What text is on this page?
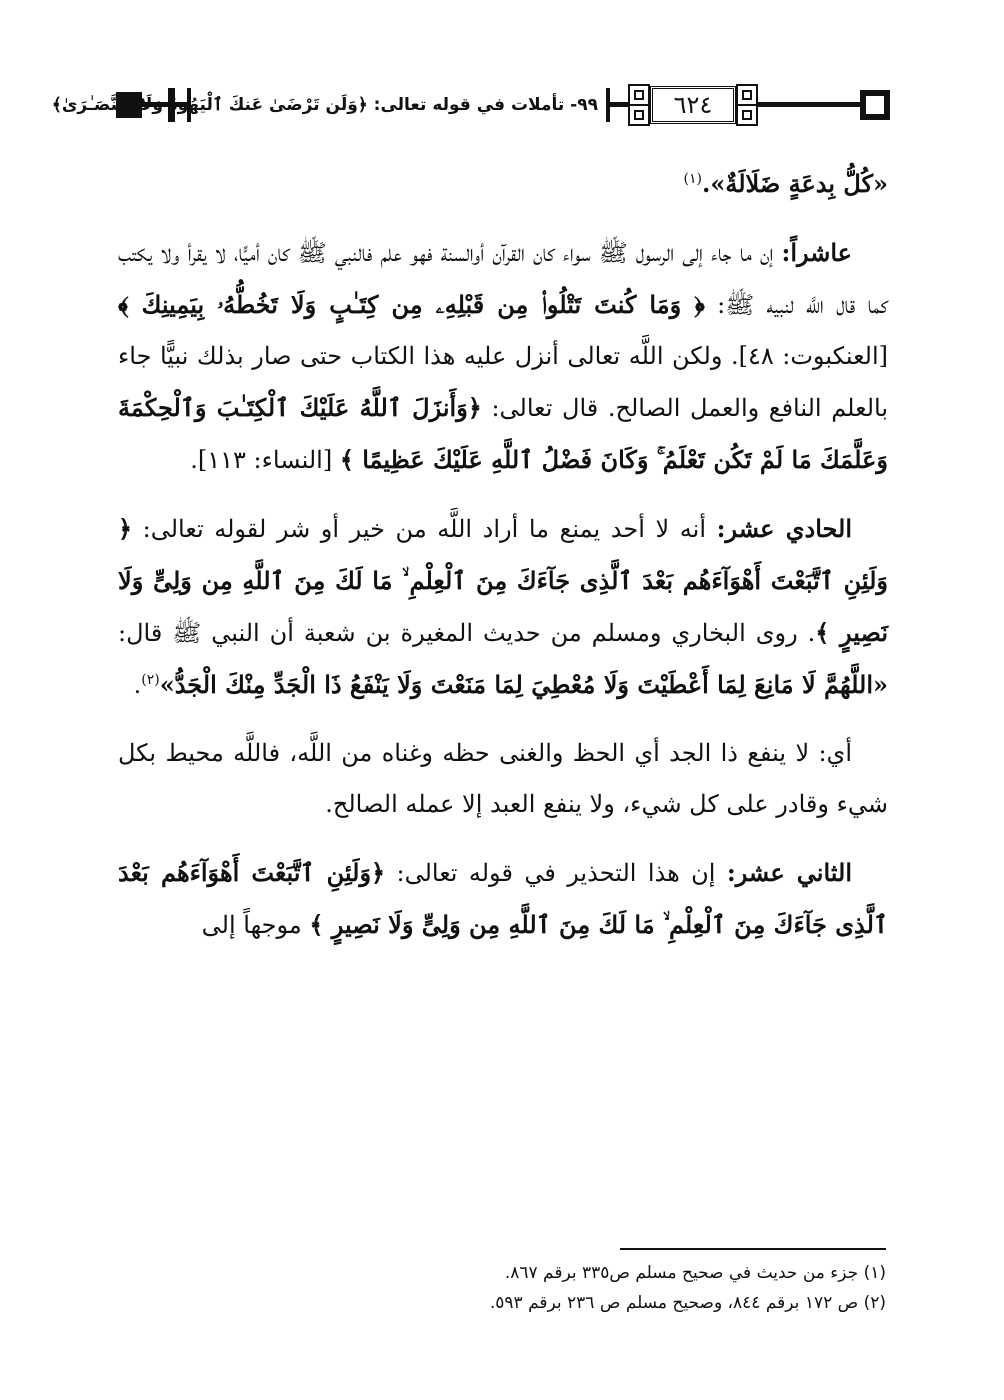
٩٩- تأملات في قوله تعالى: ﴿وَلَن تَرْضَىٰ عَنكَ ٱلْيَهُودُ وَلَا ٱلنَّصَـٰرَىٰ﴾	٦٢٤

«كُلُّ بِدعَةٍ ضَلَالَةٌ».$^{(١)}$

عاشراً: إن ما جاء إلى الرسول ﷺ سواء كان القرآن أوالسنة فهو علم فالنبي ﷺ كان أميًّا، لا يقرأ ولا يكتب كما قال اللَّه لنبيه ﷺ: ﴿ وَمَا كُنتَ تَتْلُوا۟ مِن قَبْلِهِۦ مِن كِتَـٰبٍ وَلَا تَخُطُّهُۥ بِيَمِينِكَ ﴾ [العنكبوت: ٤٨]. ولكن اللَّه تعالى أنزل عليه هذا الكتاب حتى صار بذلك نبيًّا جاء بالعلم النافع والعمل الصالح. قال تعالى: ﴿وَأَنزَلَ ٱللَّهُ عَلَيْكَ ٱلْكِتَـٰبَ وَٱلْحِكْمَةَ وَعَلَّمَكَ مَا لَمْ تَكُن تَعْلَمُ ۚ وَكَانَ فَضْلُ ٱللَّهِ عَلَيْكَ عَظِيمًا ﴾ [النساء: ١١٣].

الحادي عشر: أنه لا أحد يمنع ما أراد اللَّه من خير أو شر لقوله تعالى: ﴿ وَلَئِنِ ٱتَّبَعْتَ أَهْوَآءَهُم بَعْدَ ٱلَّذِى جَآءَكَ مِنَ ٱلْعِلْمِ ۙ مَا لَكَ مِنَ ٱللَّهِ مِن وَلِىٍّ وَلَا نَصِيرٍ ﴾. روى البخاري ومسلم من حديث المغيرة بن شعبة أن النبي ﷺ قال: «اللَّهُمَّ لَا مَانِعَ لِمَا أَعْطَيْتَ وَلَا مُعْطِيَ لِمَا مَنَعْتَ وَلَا يَنْفَعُ ذَا الْجَدِّ مِنْكَ الْجَدُّ»$^{(٢)}$.

أي: لا ينفع ذا الجد أي الحظ والغنى حظه وغناه من اللَّه، فاللَّه محيط بكل شيء وقادر على كل شيء، ولا ينفع العبد إلا عمله الصالح.

الثاني عشر: إن هذا التحذير في قوله تعالى: ﴿وَلَئِنِ ٱتَّبَعْتَ أَهْوَآءَهُم بَعْدَ ٱلَّذِى جَآءَكَ مِنَ ٱلْعِلْمِ ۙ مَا لَكَ مِنَ ٱللَّهِ مِن وَلِىٍّ وَلَا نَصِيرٍ ﴾ موجهاً إلى

(١) جزء من حديث في صحيح مسلم ص٣٣٥ برقم ٨٦٧.

(٢) ص ١٧٢ برقم ٨٤٤، وصحيح مسلم ص ٢٣٦ برقم ٥٩٣.
